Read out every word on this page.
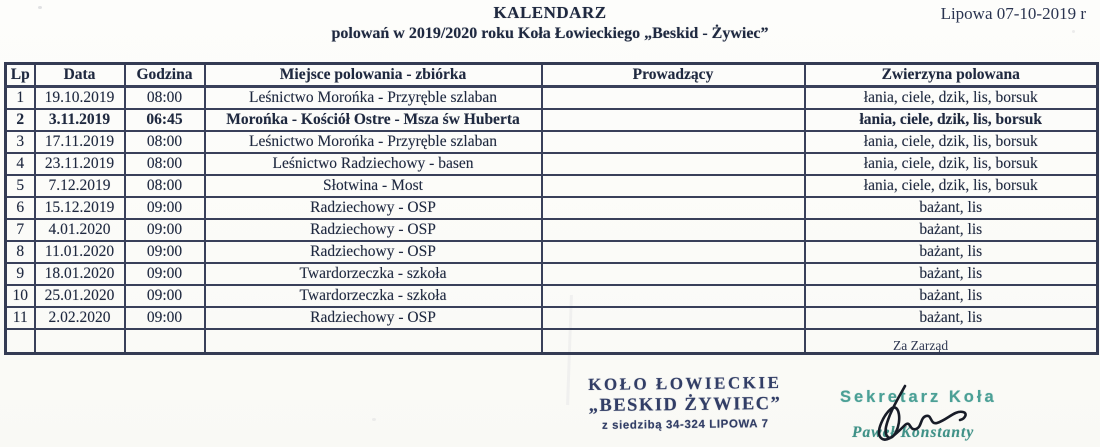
KALENDARZ
polowań w 2019/2020 roku Koła Łowieckiego „Beskid - Żywiec”
Lipowa 07-10-2019 r
Lp	Data	Godzina	Miejsce polowania - zbiórka	Prowadzący	Zwierzyna polowana
1	19.10.2019	08:00	Leśnictwo Morońka - Przyręble szlaban		łania, ciele, dzik, lis, borsuk
2	3.11.2019	06:45	Morońka - Kościół Ostre - Msza św Huberta		łania, ciele, dzik, lis, borsuk
3	17.11.2019	08:00	Leśnictwo Morońka - Przyręble szlaban		łania, ciele, dzik, lis, borsuk
4	23.11.2019	08:00	Leśnictwo Radziechowy - basen		łania, ciele, dzik, lis, borsuk
5	7.12.2019	08:00	Słotwina - Most		łania, ciele, dzik, lis, borsuk
6	15.12.2019	09:00	Radziechowy - OSP		bażant, lis
7	4.01.2020	09:00	Radziechowy - OSP		bażant, lis
8	11.01.2020	09:00	Radziechowy - OSP		bażant, lis
9	18.01.2020	09:00	Twardorzeczka - szkoła		bażant, lis
10	25.01.2020	09:00	Twardorzeczka - szkoła		bażant, lis
11	2.02.2020	09:00	Radziechowy - OSP		bażant, lis

Za Zarząd
KOŁO ŁOWIECKIE
„BESKID ŻYWIEC”
z siedzibą 34-324 LIPOWA 7
Sekretarz Koła
Paweł Konstanty
